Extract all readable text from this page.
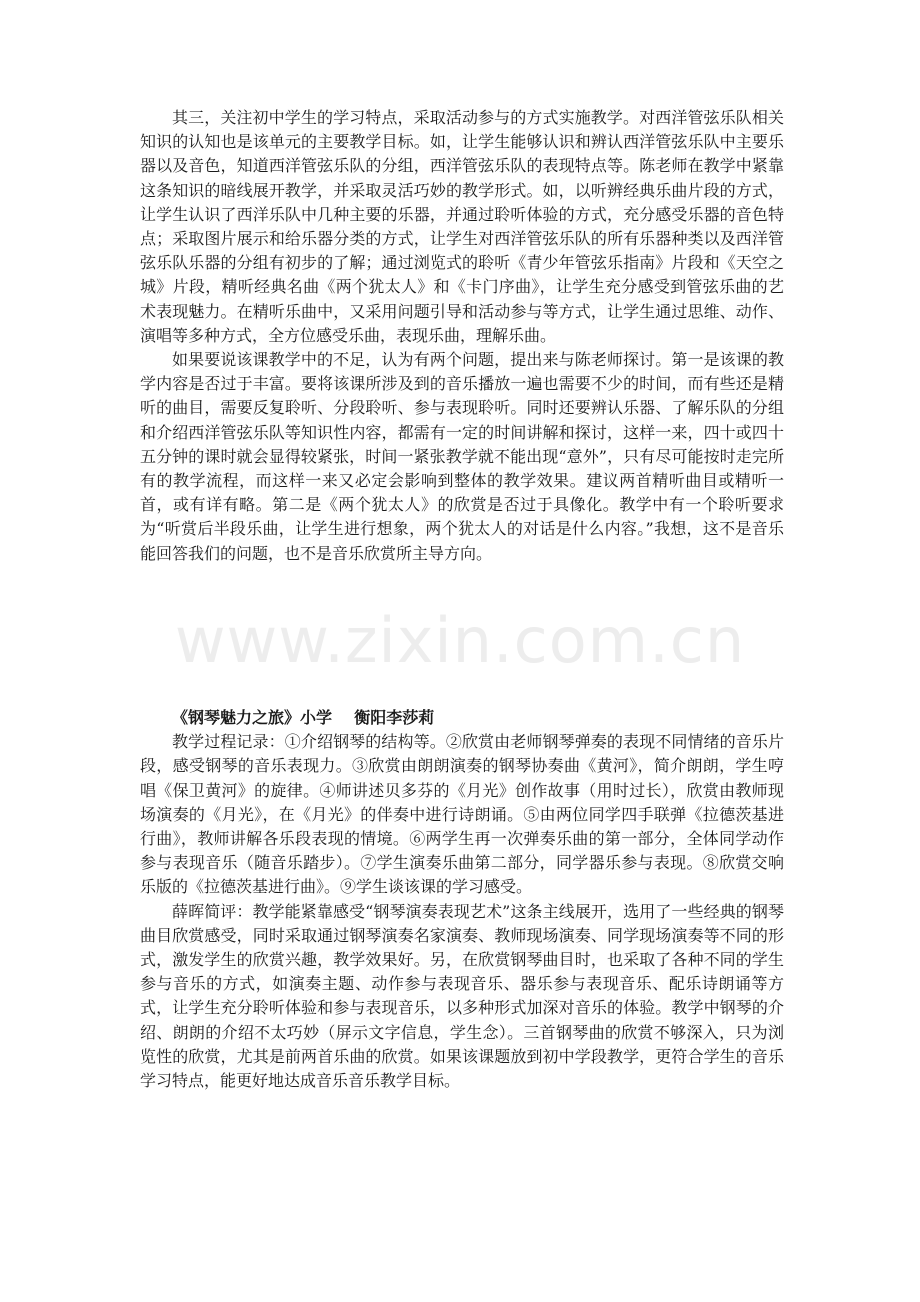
其三，关注初中学生的学习特点，采取活动参与的方式实施教学。对西洋管弦乐队相关知识的认知也是该单元的主要教学目标。如，让学生能够认识和辨认西洋管弦乐队中主要乐器以及音色，知道西洋管弦乐队的分组，西洋管弦乐队的表现特点等。陈老师在教学中紧靠这条知识的暗线展开教学，并采取灵活巧妙的教学形式。如，以听辨经典乐曲片段的方式，让学生认识了西洋乐队中几种主要的乐器，并通过聆听体验的方式，充分感受乐器的音色特点；采取图片展示和给乐器分类的方式，让学生对西洋管弦乐队的所有乐器种类以及西洋管弦乐队乐器的分组有初步的了解；通过浏览式的聆听《青少年管弦乐指南》片段和《天空之城》片段，精听经典名曲《两个犹太人》和《卡门序曲》，让学生充分感受到管弦乐曲的艺术表现魅力。在精听乐曲中，又采用问题引导和活动参与等方式，让学生通过思维、动作、演唱等多种方式，全方位感受乐曲，表现乐曲，理解乐曲。

如果要说该课教学中的不足，认为有两个问题，提出来与陈老师探讨。第一是该课的教学内容是否过于丰富。要将该课所涉及到的音乐播放一遍也需要不少的时间，而有些还是精听的曲目，需要反复聆听、分段聆听、参与表现聆听。同时还要辨认乐器、了解乐队的分组和介绍西洋管弦乐队等知识性内容，都需有一定的时间讲解和探讨，这样一来，四十或四十五分钟的课时就会显得较紧张，时间一紧张教学就不能出现“意外”，只有尽可能按时走完所有的教学流程，而这样一来又必定会影响到整体的教学效果。建议两首精听曲目或精听一首，或有详有略。第二是《两个犹太人》的欣赏是否过于具像化。教学中有一个聆听要求为“听赏后半段乐曲，让学生进行想象，两个犹太人的对话是什么内容。”我想，这不是音乐能回答我们的问题，也不是音乐欣赏所主导方向。

www.zixin.com.cn

《钢琴魅力之旅》小学    衡阳李莎莉

教学过程记录：①介绍钢琴的结构等。②欣赏由老师钢琴弹奏的表现不同情绪的音乐片段，感受钢琴的音乐表现力。③欣赏由朗朗演奏的钢琴协奏曲《黄河》，简介朗朗，学生哼唱《保卫黄河》的旋律。④师讲述贝多芬的《月光》创作故事（用时过长），欣赏由教师现场演奏的《月光》，在《月光》的伴奏中进行诗朗诵。⑤由两位同学四手联弹《拉德茨基进行曲》，教师讲解各乐段表现的情境。⑥两学生再一次弹奏乐曲的第一部分，全体同学动作参与表现音乐（随音乐踏步）。⑦学生演奏乐曲第二部分，同学器乐参与表现。⑧欣赏交响乐版的《拉德茨基进行曲》。⑨学生谈该课的学习感受。

薛晖简评：教学能紧靠感受“钢琴演奏表现艺术”这条主线展开，选用了一些经典的钢琴曲目欣赏感受，同时采取通过钢琴演奏名家演奏、教师现场演奏、同学现场演奏等不同的形式，激发学生的欣赏兴趣，教学效果好。另，在欣赏钢琴曲目时，也采取了各种不同的学生参与音乐的方式，如演奏主题、动作参与表现音乐、器乐参与表现音乐、配乐诗朗诵等方式，让学生充分聆听体验和参与表现音乐，以多种形式加深对音乐的体验。教学中钢琴的介绍、朗朗的介绍不太巧妙（屏示文字信息，学生念）。三首钢琴曲的欣赏不够深入，只为浏览性的欣赏，尤其是前两首乐曲的欣赏。如果该课题放到初中学段教学，更符合学生的音乐学习特点，能更好地达成音乐音乐教学目标。
